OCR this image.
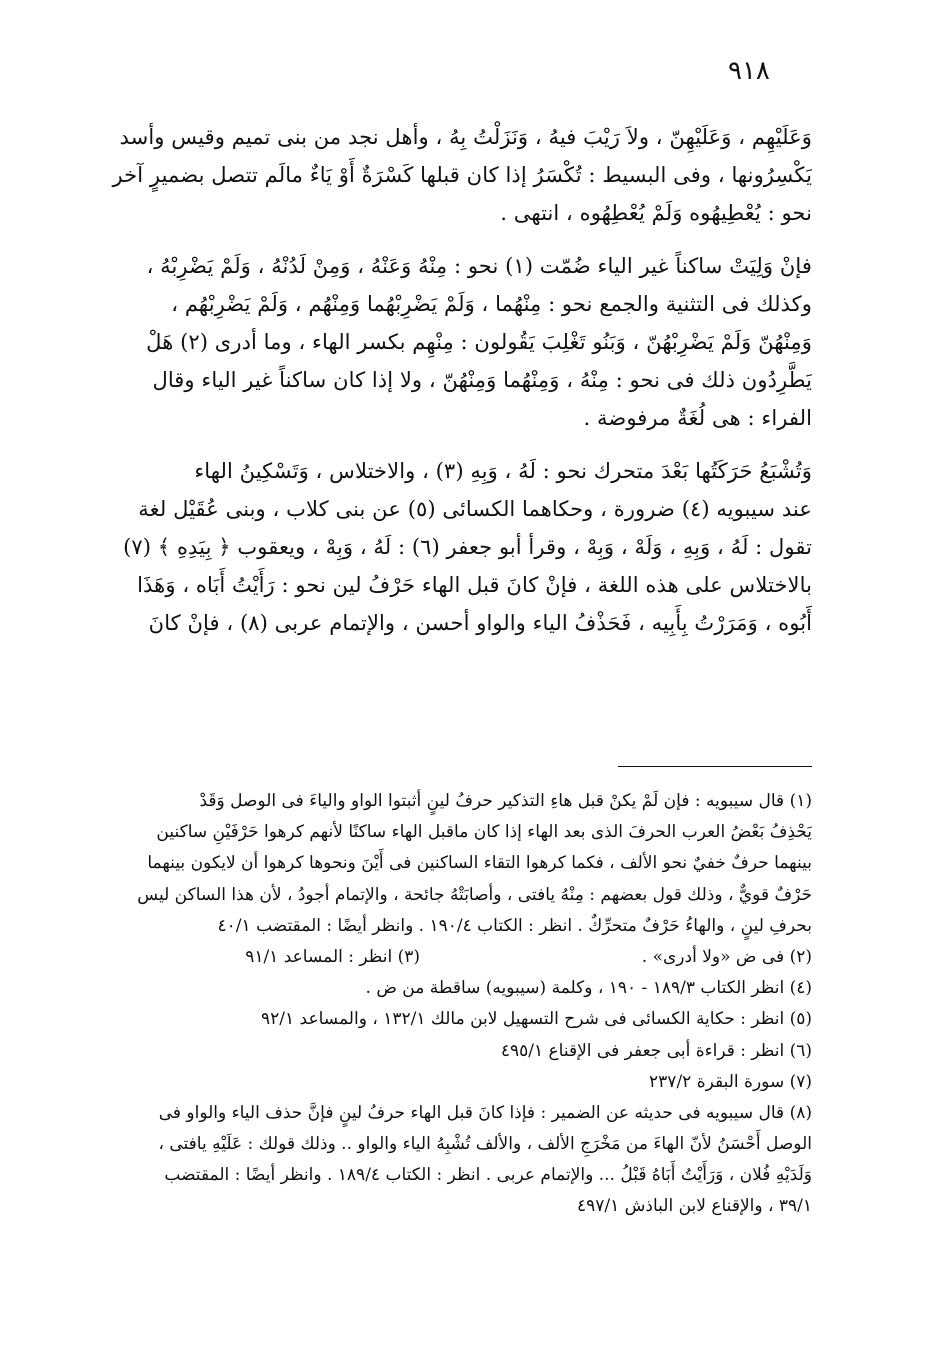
٩١٨
وَعَلَيْهِم ، وَعَلَيْهِنّ ، ولاَ رَيْبَ فيهُ ، وَنَزَلْتُ بِهُ ، وأهل نجد من بنى تميم وقيس وأسد
يَكْسِرُونها ، وفى البسيط : تُكْسَرُ إذا كان قبلها كَسْرَةٌ أَوْ يَاءٌ مالَم تتصل بضميرٍ آخر
نحو : يُعْطِيهُوه وَلَمْ يُعْطِهُوه ، انتهى .
فإنْ وَلِيَتْ ساكناً غير الياء ضُمّت (١) نحو : مِنْهُ وَعَنْهُ ، وَمِنْ لَدُنْهُ ، وَلَمْ يَضْرِبْهُ ،
وكذلك فى التثنية والجمع نحو : مِنْهُما ، وَلَمْ يَضْرِبْهُما وَمِنْهُم ، وَلَمْ يَضْرِبْهُم ،
وَمِنْهُنّ وَلَمْ يَضْرِبْهُنّ ، وَبَنُو تَغْلِبَ يَقُولون : مِنْهِم بكسر الهاء ، وما أدرى (٢) هَلْ
يَطَّرِدُون ذلك فى نحو : مِنْهُ ، وَمِنْهُما وَمِنْهُنّ ، ولا إذا كان ساكناً غير الياء وقال
الفراء : هى لُغَةٌ مرفوضة .
وَتُشْبَعُ حَرَكَتُها بَعْدَ متحرك نحو : لَهُ ، وَبِهِ (٣) ، والاختلاس ، وَتَسْكِينُ الهاء
عند سيبويه (٤) ضرورة ، وحكاهما الكسائى (٥) عن بنى كلاب ، وبنى عُقَيْل لغة
تقول : لَهُ ، وَبِهِ ، وَلَهْ ، وَبِهْ ، وقرأ أبو جعفر (٦) : لَهُ ، وَبِهْ ، ويعقوب ﴿ بِيَدِهِ ﴾ (٧)
بالاختلاس على هذه اللغة ، فإنْ كانَ قبل الهاء حَرْفُ لين نحو : رَأَيْتُ أَبَاه ، وَهَذَا
أَبُوه ، وَمَرَرْتُ بِأَبِيه ، فَحَذْفُ الياء والواو أحسن ، والإتمام عربى (٨) ، فإنْ كانَ
(١) قال سيبويه : فإن لَمْ يكنْ قبل هاءِ التذكير حرفُ لينٍ أثبتوا الواو والياءَ فى الوصل وَقَدْ
يَحْذِفُ بَعْضُ العرب الحرفَ الذى بعد الهاء إذا كان ماقبل الهاء ساكنًا لأنهم كرهوا حَرْفَيْنِ ساكنين
بينهما حرفٌ خفيٌ نحو الألف ، فكما كرهوا التقاء الساكنين فى أَيْنَ ونحوها كرهوا أن لايكون بينهما
حَرْفٌ قويٌّ ، وذلك قول بعضهم : مِنْهُ يافتى ، وأصابَتْهُ جائحة ، والإتمام أجودُ ، لأن هذا الساكن ليس
بحرفِ لينٍ ، والهاءُ حَرْفٌ متحرِّكٌ . انظر : الكتاب ١٩٠/٤ . وانظر أيضًا : المقتضب ٤٠/١
(٢) فى ض «ولا أدرى» .
(٣) انظر : المساعد ٩١/١
(٤) انظر الكتاب ١٨٩/٣ - ١٩٠ ، وكلمة (سيبويه) ساقطة من ض .
(٥) انظر : حكاية الكسائى فى شرح التسهيل لابن مالك ١٣٢/١ ، والمساعد ٩٢/١
(٦) انظر : قراءة أبى جعفر فى الإقناع ٤٩٥/١
(٧) سورة البقرة ٢٣٧/٢
(٨) قال سيبويه فى حديثه عن الضمير : فإذا كانَ قبل الهاء حرفُ لينٍ فإنَّ حذف الياء والواو فى
الوصل أَحْسَنُ لأنّ الهاءَ من مَخْرَجِ الألف ، والألف تُشْبِهُ الياء والواو .. وذلك قولك : عَلَيْهِ يافتى ،
وَلَدَيْهِ فُلان ، وَرَأَيْتُ أَبَاهُ قَبْلُ ... والإتمام عربى . انظر : الكتاب ١٨٩/٤ . وانظر أيضًا : المقتضب
٣٩/١ ، والإقناع لابن الباذش ٤٩٧/١
